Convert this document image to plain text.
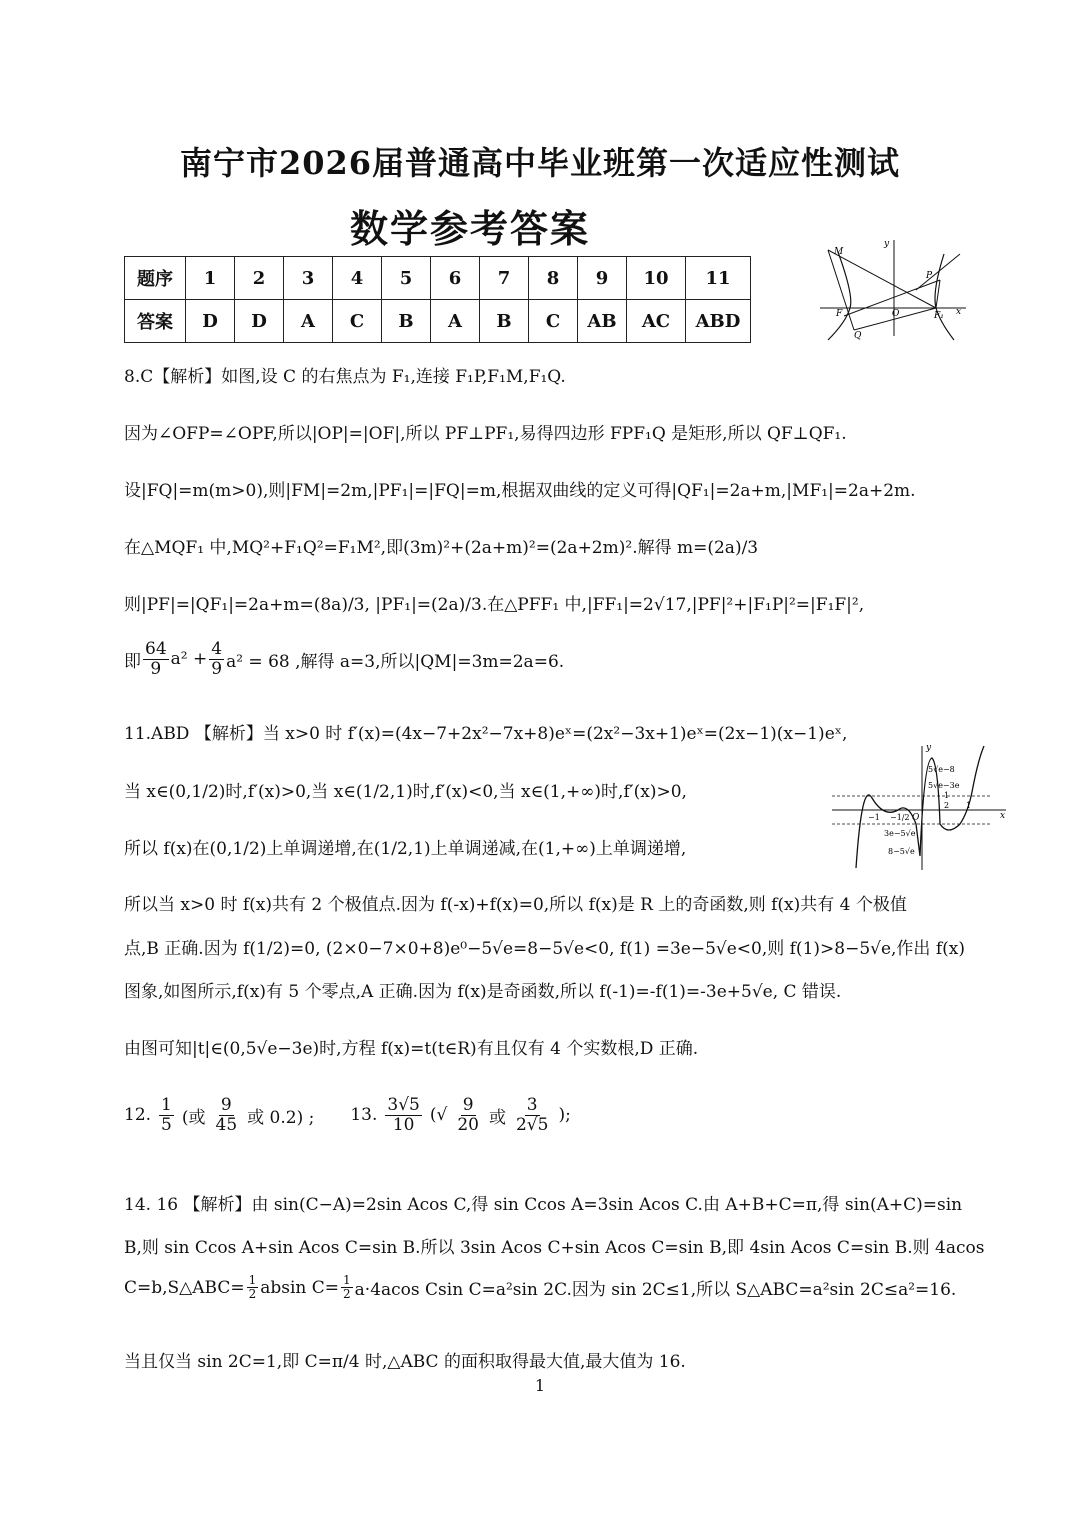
南宁市2026届普通高中毕业班第一次适应性测试
数学参考答案
题序	1	2	3	4	5	6	7	8	9	10	11
答案	D	D	A	C	B	A	B	C	AB	AC	ABD
M
y
P
F	O	F₁ x
Q
8.C【解析】如图,设 C 的右焦点为 F₁,连接 F₁P,F₁M,F₁Q.
因为∠OFP=∠OPF,所以|OP|=|OF|,所以 PF⊥PF₁,易得四边形 FPF₁Q 是矩形,所以 QF⊥QF₁.
设|FQ|=m(m>0),则|FM|=2m,|PF₁|=|FQ|=m,根据双曲线的定义可得|QF₁|=2a+m,|MF₁|=2a+2m.
在△MQF₁ 中,MQ²+F₁Q²=F₁M²,即(3m)²+(2a+m)²=(2a+2m)².解得 m=(2a)/3
则|PF|=|QF₁|=2a+m=(8a)/3, |PF₁|=(2a)/3.在△PFF₁ 中,|FF₁|=2√17,|PF|²+|F₁P|²=|F₁F|²,
即 $\frac{64}{9} a^2 + \frac{4}{9} a^2 = 68$ ,解得 a=3,所以|QM|=3m=2a=6.
11.ABD 【解析】当 x>0 时 f′(x)=(4x−7+2x²−7x+8)eˣ=(2x²−3x+1)eˣ=(2x−1)(x−1)eˣ,
当 x∈(0,1/2)时,f′(x)>0,当 x∈(1/2,1)时,f′(x)<0,当 x∈(1,+∞)时,f′(x)>0,
所以 f(x)在(0,1/2)上单调递增,在(1/2,1)上单调递减,在(1,+∞)上单调递增,
所以当 x>0 时 f(x)共有 2 个极值点.因为 f(-x)+f(x)=0,所以 f(x)是 R 上的奇函数,则 f(x)共有 4 个极值
点,B 正确.因为 f(1/2)=0, (2×0−7×0+8)e⁰−5√e=8−5√e<0, f(1) =3e−5√e<0,则 f(1)>8−5√e,作出 f(x)
图象,如图所示,f(x)有 5 个零点,A 正确.因为 f(x)是奇函数,所以 f(-1)=-f(1)=-3e+5√e, C 错误.
由图可知|t|∈(0,5√e−3e)时,方程 f(x)=t(t∈R)有且仅有 4 个实数根,D 正确.
y
5√e−8
5√e−3e
1
2 1
O
−1 −1/2
3e−5√e
8−5√e
x
12. $\frac{1}{5}$ (或 $\frac{9}{45}$ 或 0.2) ; 13. $\frac{3√5}{10}$ (√ $\frac{9}{20}$ 或 $\frac{3}{2√5}$ );
14. 16 【解析】由 sin(C−A)=2sin Acos C,得 sin Ccos A=3sin Acos C.由 A+B+C=π,得 sin(A+C)=sin
B,则 sin Ccos A+sin Acos C=sin B.所以 3sin Acos C+sin Acos C=sin B,即 4sin Acos C=sin B.则 4acos
C=b,S△ABC= $\frac{1}{2}$ absin $C= \frac{1}{2} a\cdot 4acos$ Csin C=a²sin 2C.因为 sin 2C≤1,所以 S△ABC=a²sin 2C≤a²=16.
当且仅当 sin 2C=1,即 C=π/4 时,△ABC 的面积取得最大值,最大值为 16.
1
